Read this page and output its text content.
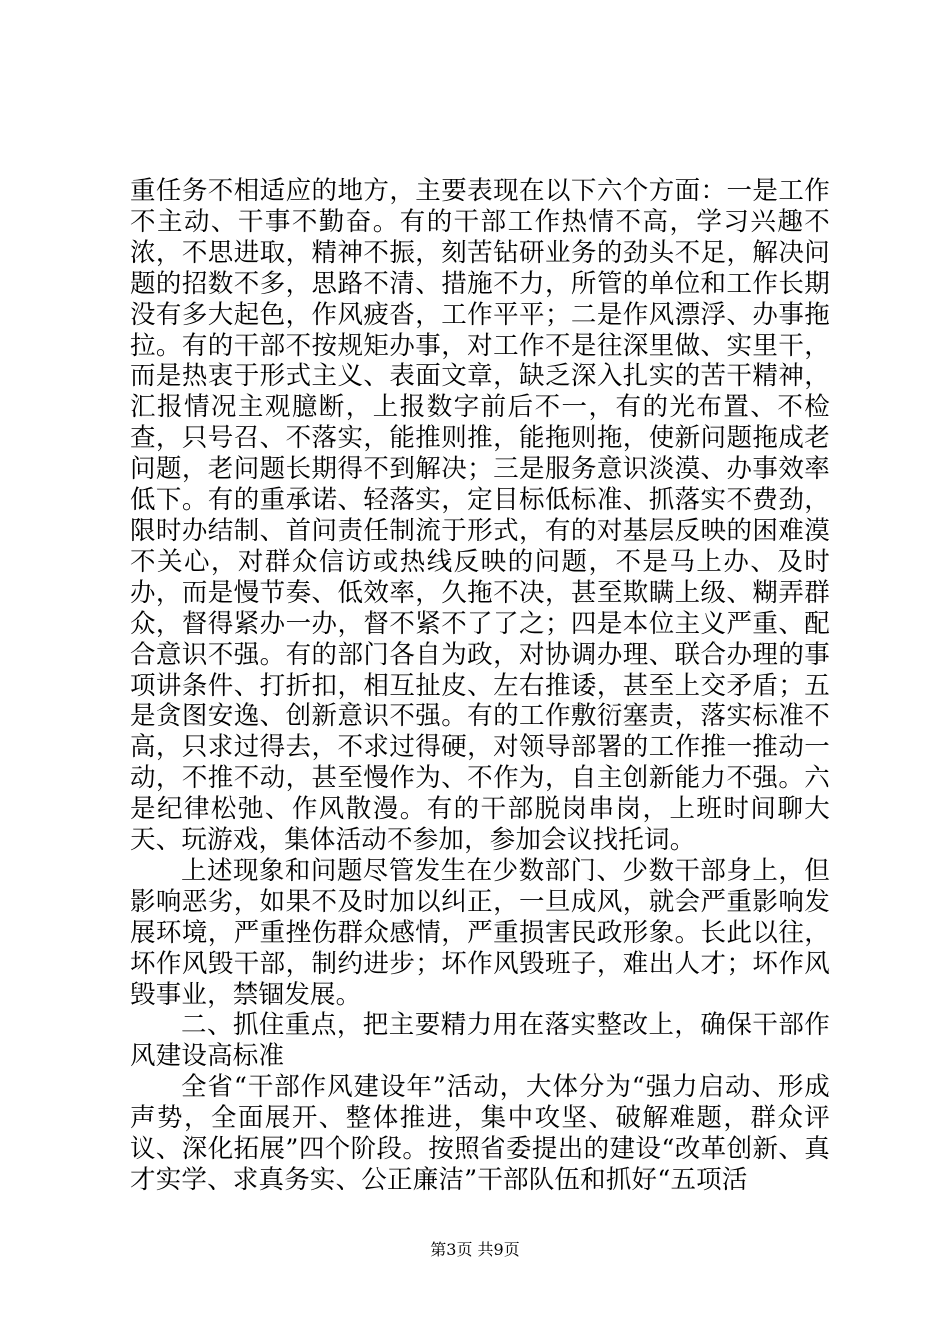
重任务不相适应的地方，主要表现在以下六个方面：一是工作不主动、干事不勤奋。有的干部工作热情不高，学习兴趣不浓，不思进取，精神不振，刻苦钻研业务的劲头不足，解决问题的招数不多，思路不清、措施不力，所管的单位和工作长期没有多大起色，作风疲沓，工作平平；二是作风漂浮、办事拖拉。有的干部不按规矩办事，对工作不是往深里做、实里干，而是热衷于形式主义、表面文章，缺乏深入扎实的苦干精神，汇报情况主观臆断，上报数字前后不一，有的光布置、不检查，只号召、不落实，能推则推，能拖则拖，使新问题拖成老问题，老问题长期得不到解决；三是服务意识淡漠、办事效率低下。有的重承诺、轻落实，定目标低标准、抓落实不费劲，限时办结制、首问责任制流于形式，有的对基层反映的困难漠不关心，对群众信访或热线反映的问题，不是马上办、及时办，而是慢节奏、低效率，久拖不决，甚至欺瞒上级、糊弄群众，督得紧办一办，督不紧不了了之；四是本位主义严重、配合意识不强。有的部门各自为政，对协调办理、联合办理的事项讲条件、打折扣，相互扯皮、左右推诿，甚至上交矛盾；五是贪图安逸、创新意识不强。有的工作敷衍塞责，落实标准不高，只求过得去，不求过得硬，对领导部署的工作推一推动一动，不推不动，甚至慢作为、不作为，自主创新能力不强。六是纪律松弛、作风散漫。有的干部脱岗串岗，上班时间聊大天、玩游戏，集体活动不参加，参加会议找托词。

上述现象和问题尽管发生在少数部门、少数干部身上，但影响恶劣，如果不及时加以纠正，一旦成风，就会严重影响发展环境，严重挫伤群众感情，严重损害民政形象。长此以往，坏作风毁干部，制约进步；坏作风毁班子，难出人才；坏作风毁事业，禁锢发展。

二、抓住重点，把主要精力用在落实整改上，确保干部作风建设高标准

全省“干部作风建设年”活动，大体分为“强力启动、形成声势，全面展开、整体推进，集中攻坚、破解难题，群众评议、深化拓展”四个阶段。按照省委提出的建设“改革创新、真才实学、求真务实、公正廉洁”干部队伍和抓好“五项活

第3页 共9页
